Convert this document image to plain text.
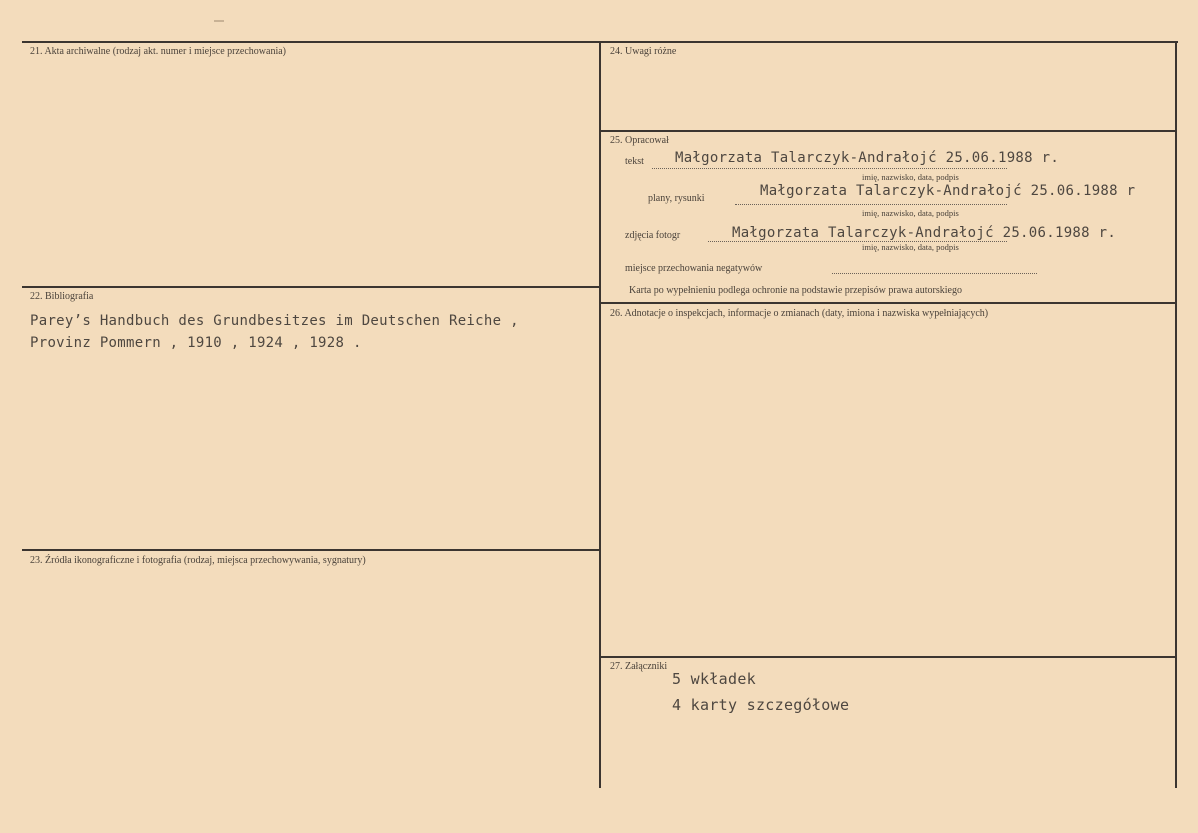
21. Akta archiwalne (rodzaj akt. numer i miejsce przechowania)
22. Bibliografia
Parey’s Handbuch des Grundbesitzes im Deutschen Reiche ,
Provinz Pommern , 1910 , 1924 , 1928 .
23. Źródła ikonograficzne i fotografia (rodzaj, miejsca przechowywania, sygnatury)
24. Uwagi różne
25. Opracował
tekst Małgorzata Talarczyk-Andrałojć 25.06.1988 r.
imię, nazwisko, data, podpis
plany, rysunki	Małgorzata Talarczyk-Andrałojć 25.06.1988 r
imię, nazwisko, data, podpis
zdjęcia fotogr	Małgorzata Talarczyk-Andrałojć 25.06.1988 r.
imię, nazwisko, data, podpis
miejsce przechowania negatywów
Karta po wypełnieniu podlega ochronie na podstawie przepisów prawa autorskiego
26. Adnotacje o inspekcjach, informacje o zmianach (daty, imiona i nazwiska wypełniających)
27. Załączniki
5 wkładek
4 karty szczegółowe
